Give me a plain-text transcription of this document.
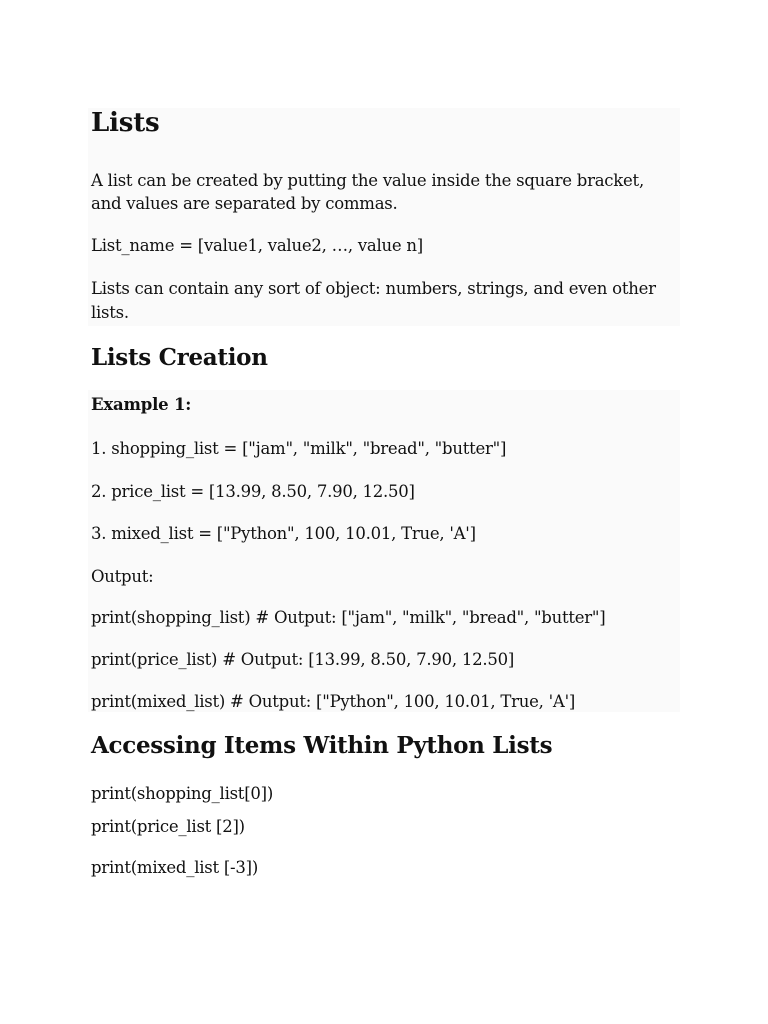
Lists

A list can be created by putting the value inside the square bracket,

and values are separated by commas.

List_name = [value1, value2, …, value n]

Lists can contain any sort of object: numbers, strings, and even other

lists.

Lists Creation

Example 1:

1. shopping_list = ["jam", "milk", "bread", "butter"]

2. price_list = [13.99, 8.50, 7.90, 12.50]

3. mixed_list = ["Python", 100, 10.01, True, 'A']

Output:

print(shopping_list) # Output: ["jam", "milk", "bread", "butter"]

print(price_list) # Output: [13.99, 8.50, 7.90, 12.50]

print(mixed_list) # Output: ["Python", 100, 10.01, True, 'A']

Accessing Items Within Python Lists

print(shopping_list[0])

print(price_list [2])

print(mixed_list [-3])
